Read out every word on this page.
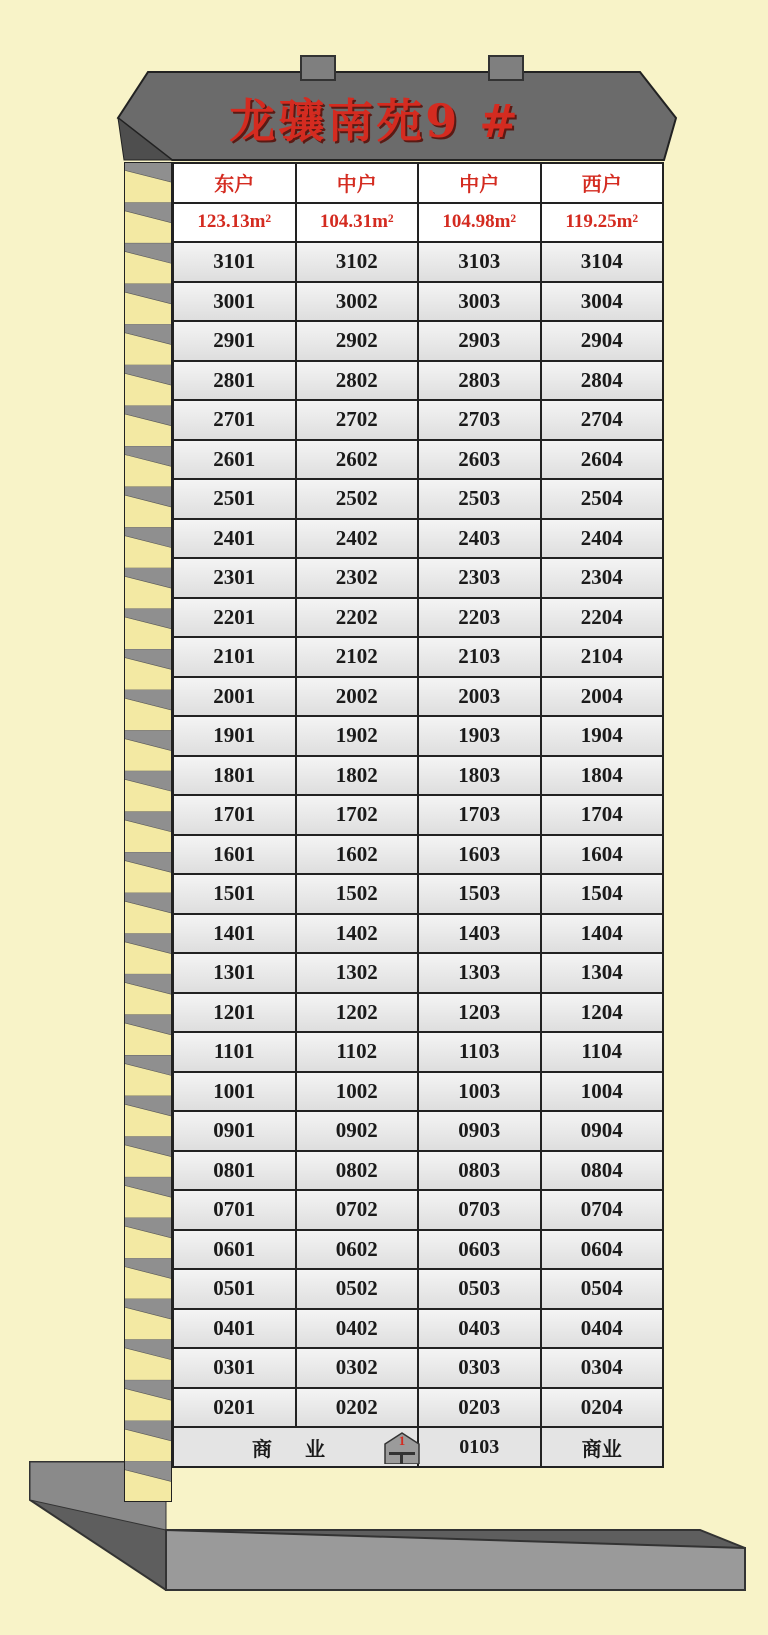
龙骧南苑9 #
东户	中户	中户	西户
123.13m²	104.31m²	104.98m²	119.25m²
3101	3102	3103	3104
3001	3002	3003	3004
2901	2902	2903	2904
2801	2802	2803	2804
2701	2702	2703	2704
2601	2602	2603	2604
2501	2502	2503	2504
2401	2402	2403	2404
2301	2302	2303	2304
2201	2202	2203	2204
2101	2102	2103	2104
2001	2002	2003	2004
1901	1902	1903	1904
1801	1802	1803	1804
1701	1702	1703	1704
1601	1602	1603	1604
1501	1502	1503	1504
1401	1402	1403	1404
1301	1302	1303	1304
1201	1202	1203	1204
1101	1102	1103	1104
1001	1002	1003	1004
0901	0902	0903	0904
0801	0802	0803	0804
0701	0702	0703	0704
0601	0602	0603	0604
0501	0502	0503	0504
0401	0402	0403	0404
0301	0302	0303	0304
0201	0202	0203	0204
商 业		1 0103	商业
